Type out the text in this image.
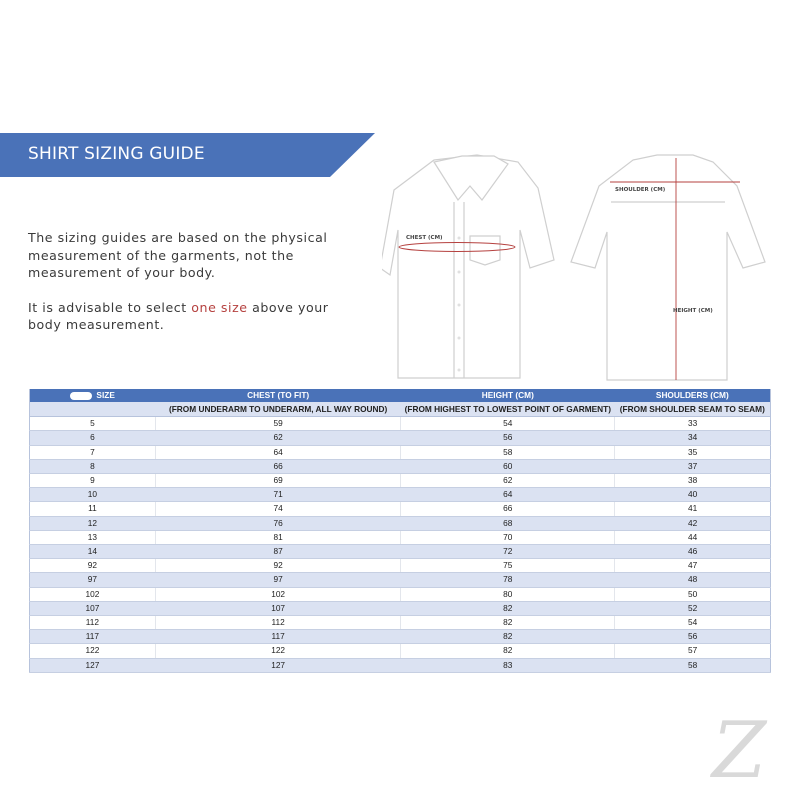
SHIRT SIZING GUIDE

The sizing guides are based on the physical measurement of the garments, not the measurement of your body.

It is advisable to select one size above your body measurement.

CHEST (CM)
SHOULDER (CM)
HEIGHT (CM)
SIZE	CHEST (TO FIT)	HEIGHT (CM)	SHOULDERS (CM)
	(FROM UNDERARM TO UNDERARM, ALL WAY ROUND)	(FROM HIGHEST TO LOWEST POINT OF GARMENT)	(FROM SHOULDER SEAM TO SEAM)
5	59	54	33
6	62	56	34
7	64	58	35
8	66	60	37
9	69	62	38
10	71	64	40
11	74	66	41
12	76	68	42
13	81	70	44
14	87	72	46
92	92	75	47
97	97	78	48
102	102	80	50
107	107	82	52
112	112	82	54
117	117	82	56
122	122	82	57
127	127	83	58
Z
